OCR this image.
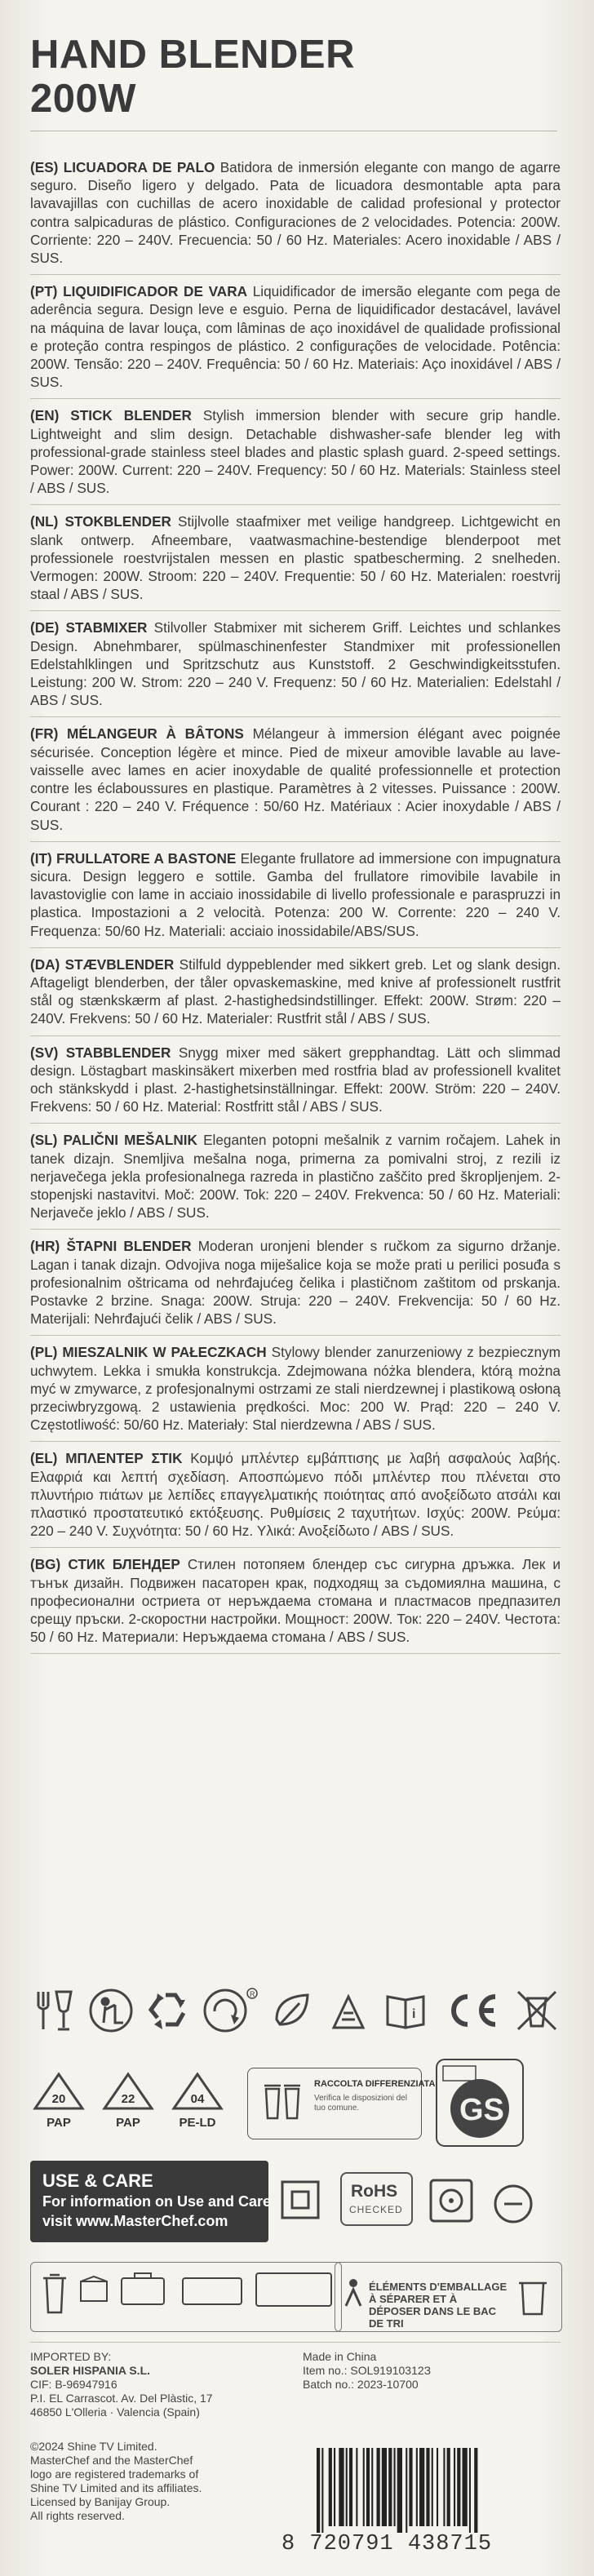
HAND BLENDER
200W

(ES) LICUADORA DE PALO Batidora de inmersión elegante con mango de agarre seguro. Diseño ligero y delgado. Pata de licuadora desmontable apta para lavavajillas con cuchillas de acero inoxidable de calidad profesional y protector contra salpicaduras de plástico. Configuraciones de 2 velocidades. Potencia: 200W. Corriente: 220 – 240V. Frecuencia: 50 / 60 Hz. Materiales: Acero inoxidable / ABS / SUS.

(PT) LIQUIDIFICADOR DE VARA Liquidificador de imersão elegante com pega de aderência segura. Design leve e esguio. Perna de liquidificador destacável, lavável na máquina de lavar louça, com lâminas de aço inoxidável de qualidade profissional e proteção contra respingos de plástico. 2 configurações de velocidade. Potência: 200W. Tensão: 220 – 240V. Frequência: 50 / 60 Hz. Materiais: Aço inoxidável / ABS / SUS.

(EN) STICK BLENDER Stylish immersion blender with secure grip handle. Lightweight and slim design. Detachable dishwasher-safe blender leg with professional-grade stainless steel blades and plastic splash guard. 2-speed settings. Power: 200W. Current: 220 – 240V. Frequency: 50 / 60 Hz. Materials: Stainless steel / ABS / SUS.

(NL) STOKBLENDER Stijlvolle staafmixer met veilige handgreep. Lichtgewicht en slank ontwerp. Afneembare, vaatwasmachine-bestendige blenderpoot met professionele roestvrijstalen messen en plastic spatbescherming. 2 snelheden. Vermogen: 200W. Stroom: 220 – 240V. Frequentie: 50 / 60 Hz. Materialen: roestvrij staal / ABS / SUS.

(DE) STABMIXER Stilvoller Stabmixer mit sicherem Griff. Leichtes und schlankes Design. Abnehmbarer, spülmaschinenfester Standmixer mit professionellen Edelstahlklingen und Spritzschutz aus Kunststoff. 2 Geschwindigkeitsstufen. Leistung: 200 W. Strom: 220 – 240 V. Frequenz: 50 / 60 Hz. Materialien: Edelstahl / ABS / SUS.

(FR) MÉLANGEUR À BÂTONS Mélangeur à immersion élégant avec poignée sécurisée. Conception légère et mince. Pied de mixeur amovible lavable au lave-vaisselle avec lames en acier inoxydable de qualité professionnelle et protection contre les éclaboussures en plastique. Paramètres à 2 vitesses. Puissance : 200W. Courant : 220 – 240 V. Fréquence : 50/60 Hz. Matériaux : Acier inoxydable / ABS / SUS.

(IT) FRULLATORE A BASTONE Elegante frullatore ad immersione con impugnatura sicura. Design leggero e sottile. Gamba del frullatore rimovibile lavabile in lavastoviglie con lame in acciaio inossidabile di livello professionale e paraspruzzi in plastica. Impostazioni a 2 velocità. Potenza: 200 W. Corrente: 220 – 240 V. Frequenza: 50/60 Hz. Materiali: acciaio inossidabile/ABS/SUS.

(DA) STÆVBLENDER Stilfuld dyppeblender med sikkert greb. Let og slank design. Aftageligt blenderben, der tåler opvaskemaskine, med knive af professionelt rustfrit stål og stænkskærm af plast. 2-hastighedsindstillinger. Effekt: 200W. Strøm: 220 – 240V. Frekvens: 50 / 60 Hz. Materialer: Rustfrit stål / ABS / SUS.

(SV) STABBLENDER Snygg mixer med säkert grepphandtag. Lätt och slimmad design. Löstagbart maskinsäkert mixerben med rostfria blad av professionell kvalitet och stänkskydd i plast. 2-hastighetsinställningar. Effekt: 200W. Ström: 220 – 240V. Frekvens: 50 / 60 Hz. Material: Rostfritt stål / ABS / SUS.

(SL) PALIČNI MEŠALNIK Eleganten potopni mešalnik z varnim ročajem. Lahek in tanek dizajn. Snemljiva mešalna noga, primerna za pomivalni stroj, z rezili iz nerjavečega jekla profesionalnega razreda in plastično zaščito pred škropljenjem. 2-stopenjski nastavitvi. Moč: 200W. Tok: 220 – 240V. Frekvenca: 50 / 60 Hz. Materiali: Nerjaveče jeklo / ABS / SUS.

(HR) ŠTAPNI BLENDER Moderan uronjeni blender s ručkom za sigurno držanje. Lagan i tanak dizajn. Odvojiva noga miješalice koja se može prati u perilici posuđa s profesionalnim oštricama od nehrđajućeg čelika i plastičnom zaštitom od prskanja. Postavke 2 brzine. Snaga: 200W. Struja: 220 – 240V. Frekvencija: 50 / 60 Hz. Materijali: Nehrđajući čelik / ABS / SUS.

(PL) MIESZALNIK W PAŁECZKACH Stylowy blender zanurzeniowy z bezpiecznym uchwytem. Lekka i smukła konstrukcja. Zdejmowana nóżka blendera, którą można myć w zmywarce, z profesjonalnymi ostrzami ze stali nierdzewnej i plastikową osłoną przeciwbryzgową. 2 ustawienia prędkości. Moc: 200 W. Prąd: 220 – 240 V. Częstotliwość: 50/60 Hz. Materiały: Stal nierdzewna / ABS / SUS.

(EL) ΜΠΛΕΝΤΕΡ ΣΤΙΚ Κομψό μπλέντερ εμβάπτισης με λαβή ασφαλούς λαβής. Ελαφριά και λεπτή σχεδίαση. Αποσπώμενο πόδι μπλέντερ που πλένεται στο πλυντήριο πιάτων με λεπίδες επαγγελματικής ποιότητας από ανοξείδωτο ατσάλι και πλαστικό προστατευτικό εκτόξευσης. Ρυθμίσεις 2 ταχυτήτων. Ισχύς: 200W. Ρεύμα: 220 – 240 V. Συχνότητα: 50 / 60 Hz. Υλικά: Ανοξείδωτο / ABS / SUS.

(BG) СТИК БЛЕНДЕР Стилен потопяем блендер със сигурна дръжка. Лек и тънък дизайн. Подвижен пасаторен крак, подходящ за съдомиялна машина, с професионални остриета от неръждаема стомана и пластмасов предпазител срещу пръски. 2-скоростни настройки. Мощност: 200W. Ток: 220 – 240V. Честота: 50 / 60 Hz. Материали: Неръждаема стомана / ABS / SUS.

R
i
20
PAP
22
PAP
04
PE-LD
RACCOLTA DIFFERENZIATA
Verifica le disposizioni del tuo comune.	GS
USE & CARE
For information on Use and Care
visit www.MasterChef.com
RoHS
CHECKED
ÉLÉMENTS D'EMBALLAGE À SÉPARER ET À DÉPOSER DANS LE BAC DE TRI
IMPORTED BY:
SOLER HISPANIA S.L.
CIF: B-96947916
P.I. EL Carrascot. Av. Del Plàstic, 17
46850 L'Olleria · Valencia (Spain)
Made in China
Item no.: SOL91910312З
Batch no.: 2023-10700
©2024 Shine TV Limited.
MasterChef and the MasterChef
logo are registered trademarks of
Shine TV Limited and its affiliates.
Licensed by Banijay Group.
All rights reserved.
8 720791 438715
